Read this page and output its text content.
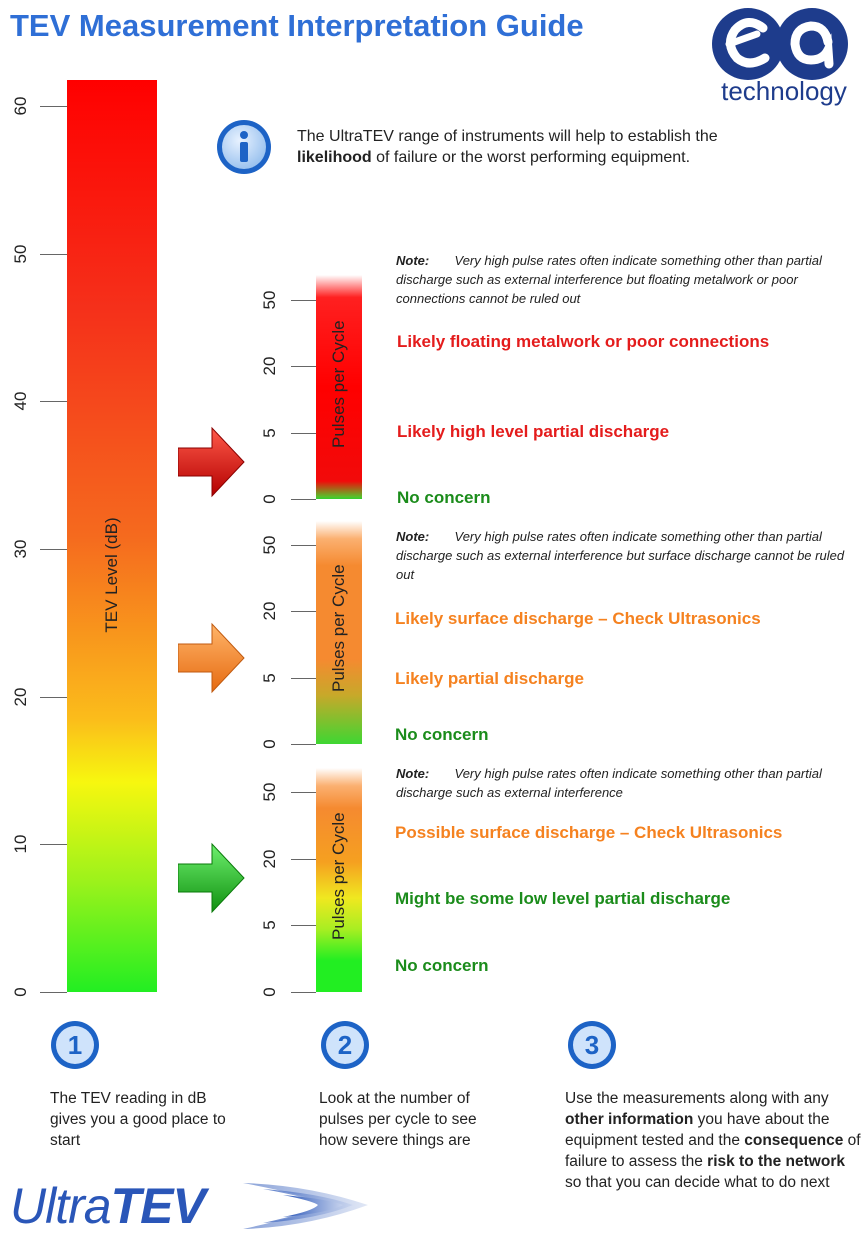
TEV Measurement Interpretation Guide
technology
The UltraTEV range of instruments will help to establish the
likelihood of failure or the worst performing equipment.
TEV Level (dB)
0
10
20
30
40
50
60
Pulses per Cycle
0
5
20
50
Note: Very high pulse rates often indicate something other than partial discharge such as external interference but floating metalwork or poor connections cannot be ruled out
Likely floating metalwork or poor connections
Likely high level partial discharge
No concern
Pulses per Cycle
0
5
20
50	Note: Very high pulse rates often indicate something other than partial discharge such as external interference but surface discharge cannot be ruled out
Likely surface discharge – Check Ultrasonics
Likely partial discharge
No concern
Pulses per Cycle
0
5
20
50
Note: Very high pulse rates often indicate something other than partial discharge such as external interference
Possible surface discharge – Check Ultrasonics
Might be some low level partial discharge
No concern
1	2	3
The TEV reading in dB gives you a good place to start
Look at the number of pulses per cycle to see how severe things are
Use the measurements along with any other information you have about the equipment tested and the consequence of failure to assess the risk to the network so that you can decide what to do next
UltraTEV
